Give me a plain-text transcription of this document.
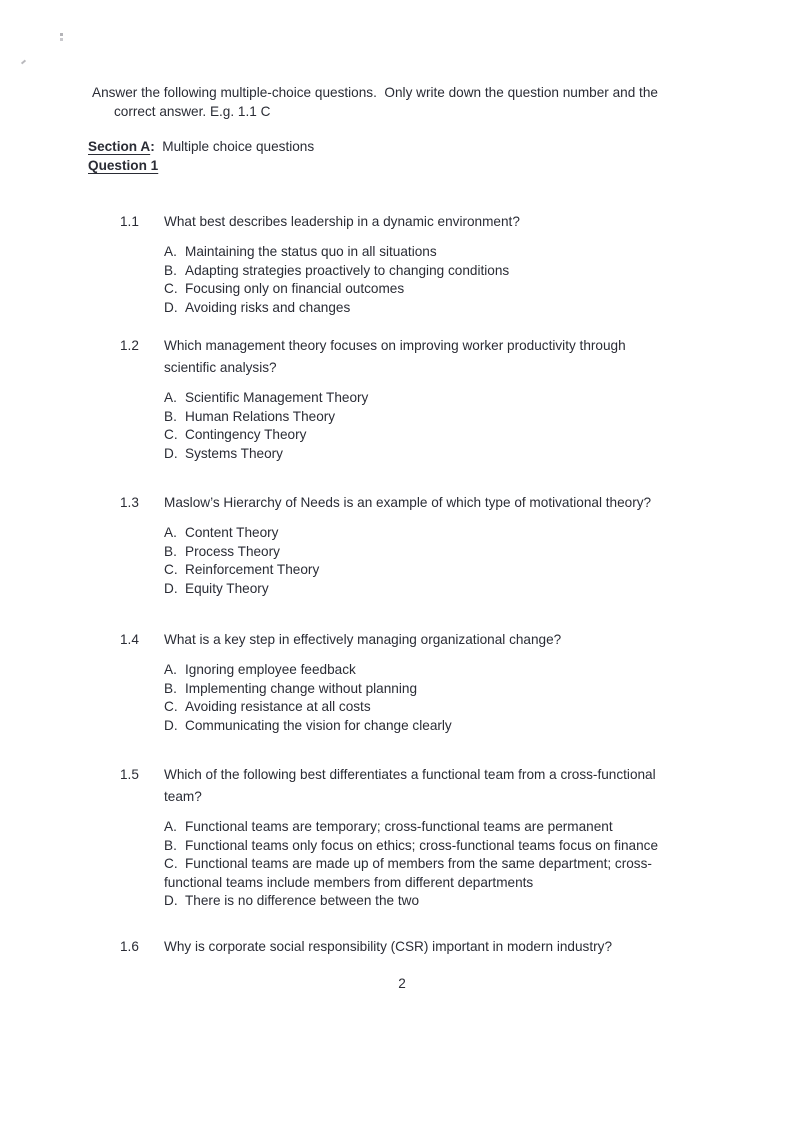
Answer the following multiple-choice questions.  Only write down the question number and the
correct answer. E.g. 1.1 C
Section A:  Multiple choice questions
Question 1
1.1	What best describes leadership in a dynamic environment?
A. Maintaining the status quo in all situations
B. Adapting strategies proactively to changing conditions
C. Focusing only on financial outcomes
D. Avoiding risks and changes
1.2	Which management theory focuses on improving worker productivity through
scientific analysis?
A. Scientific Management Theory
B. Human Relations Theory
C. Contingency Theory
D. Systems Theory
1.3	Maslow’s Hierarchy of Needs is an example of which type of motivational theory?
A. Content Theory
B. Process Theory
C. Reinforcement Theory
D. Equity Theory
1.4	What is a key step in effectively managing organizational change?
A. Ignoring employee feedback
B. Implementing change without planning
C. Avoiding resistance at all costs
D. Communicating the vision for change clearly
1.5	Which of the following best differentiates a functional team from a cross-functional
team?
A. Functional teams are temporary; cross-functional teams are permanent
B. Functional teams only focus on ethics; cross-functional teams focus on finance
C. Functional teams are made up of members from the same department; cross-
functional teams include members from different departments
D. There is no difference between the two
1.6	Why is corporate social responsibility (CSR) important in modern industry?
2
